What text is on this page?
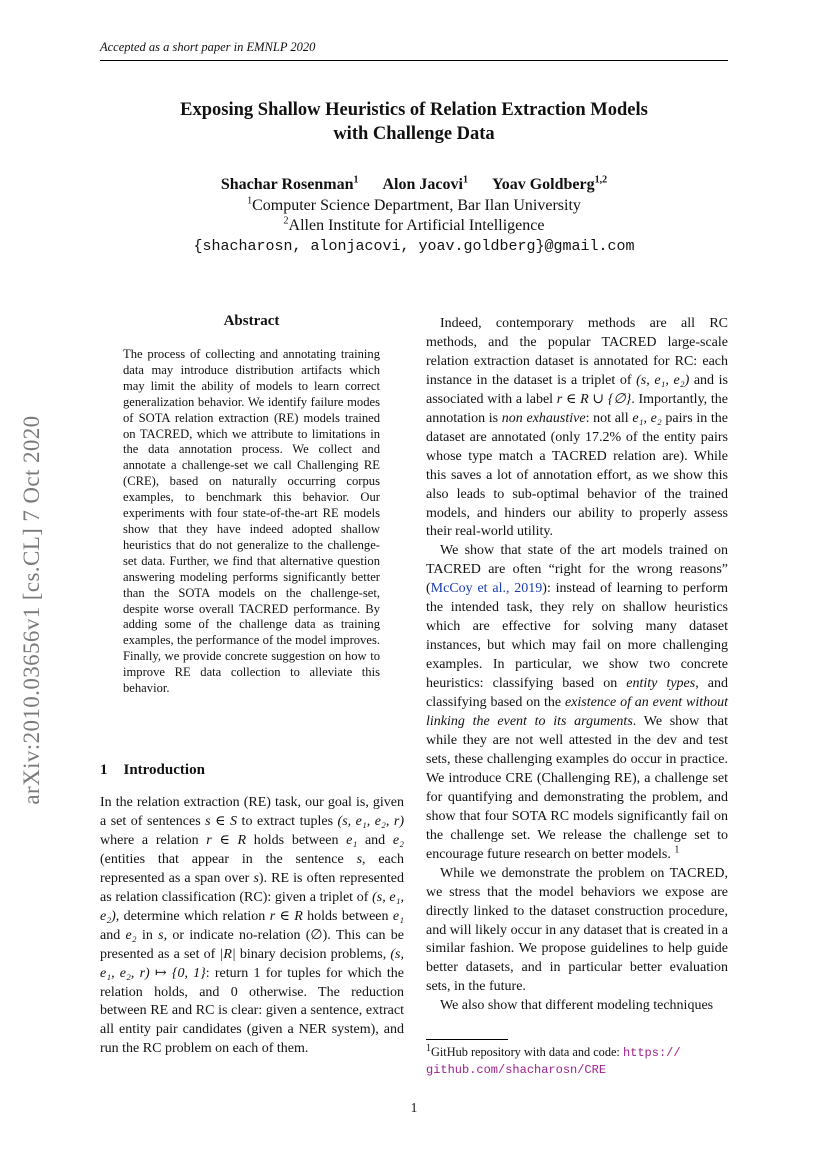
Accepted as a short paper in EMNLP 2020
Exposing Shallow Heuristics of Relation Extraction Models
with Challenge Data
Shachar Rosenman$^1$ Alon Jacovi$^1$ Yoav Goldberg$^{1,2}$
$^1$Computer Science Department, Bar Ilan University
$^2$Allen Institute for Artificial Intelligence
{shacharosn, alonjacovi, yoav.goldberg}@gmail.com
arXiv:2010.03656v1 [cs.CL] 7 Oct 2020
Abstract
The process of collecting and annotating training data may introduce distribution artifacts which may limit the ability of models to learn correct generalization behavior. We identify failure modes of SOTA relation extraction (RE) models trained on TACRED, which we attribute to limitations in the data annotation process. We collect and annotate a challenge-set we call Challenging RE (CRE), based on naturally occurring corpus examples, to benchmark this behavior. Our experiments with four state-of-the-art RE models show that they have indeed adopted shallow heuristics that do not generalize to the challenge-set data. Further, we find that alternative question answering modeling performs significantly better than the SOTA models on the challenge-set, despite worse overall TACRED performance. By adding some of the challenge data as training examples, the performance of the model improves. Finally, we provide concrete suggestion on how to improve RE data collection to alleviate this behavior.
1 Introduction

In the relation extraction (RE) task, our goal is, given a set of sentences s ∈ S to extract tuples (s, e₁, e₂, r) where a relation r ∈ R holds between e₁ and e₂ (entities that appear in the sentence s, each represented as a span over s). RE is often represented as relation classification (RC): given a triplet of (s, e₁, e₂), determine which relation r ∈ R holds between e₁ and e₂ in s, or indicate no-relation (∅). This can be presented as a set of |R| binary decision problems, (s, e₁, e₂, r) ↦ {0, 1}: return 1 for tuples for which the relation holds, and 0 otherwise. The reduction between RE and RC is clear: given a sentence, extract all entity pair candidates (given a NER system), and run the RC problem on each of them.

Indeed, contemporary methods are all RC methods, and the popular TACRED large-scale relation extraction dataset is annotated for RC: each instance in the dataset is a triplet of (s, e₁, e₂) and is associated with a label r ∈ R ∪ {∅}. Importantly, the annotation is non exhaustive: not all e₁, e₂ pairs in the dataset are annotated (only 17.2% of the entity pairs whose type match a TACRED relation are). While this saves a lot of annotation effort, as we show this also leads to sub-optimal behavior of the trained models, and hinders our ability to properly assess their real-world utility.

We show that state of the art models trained on TACRED are often “right for the wrong reasons” (McCoy et al., 2019): instead of learning to perform the intended task, they rely on shallow heuristics which are effective for solving many dataset instances, but which may fail on more challenging examples. In particular, we show two concrete heuristics: classifying based on entity types, and classifying based on the existence of an event without linking the event to its arguments. We show that while they are not well attested in the dev and test sets, these challenging examples do occur in practice. We introduce CRE (Challenging RE), a challenge set for quantifying and demonstrating the problem, and show that four SOTA RC models significantly fail on the challenge set. We release the challenge set to encourage future research on better models. $^1$

While we demonstrate the problem on TACRED, we stress that the model behaviors we expose are directly linked to the dataset construction procedure, and will likely occur in any dataset that is created in a similar fashion. We propose guidelines to help guide better datasets, and in particular better evaluation sets, in the future.

We also show that different modeling techniques

$^1$GitHub repository with data and code: https://
github.com/shacharosn/CRE
1
